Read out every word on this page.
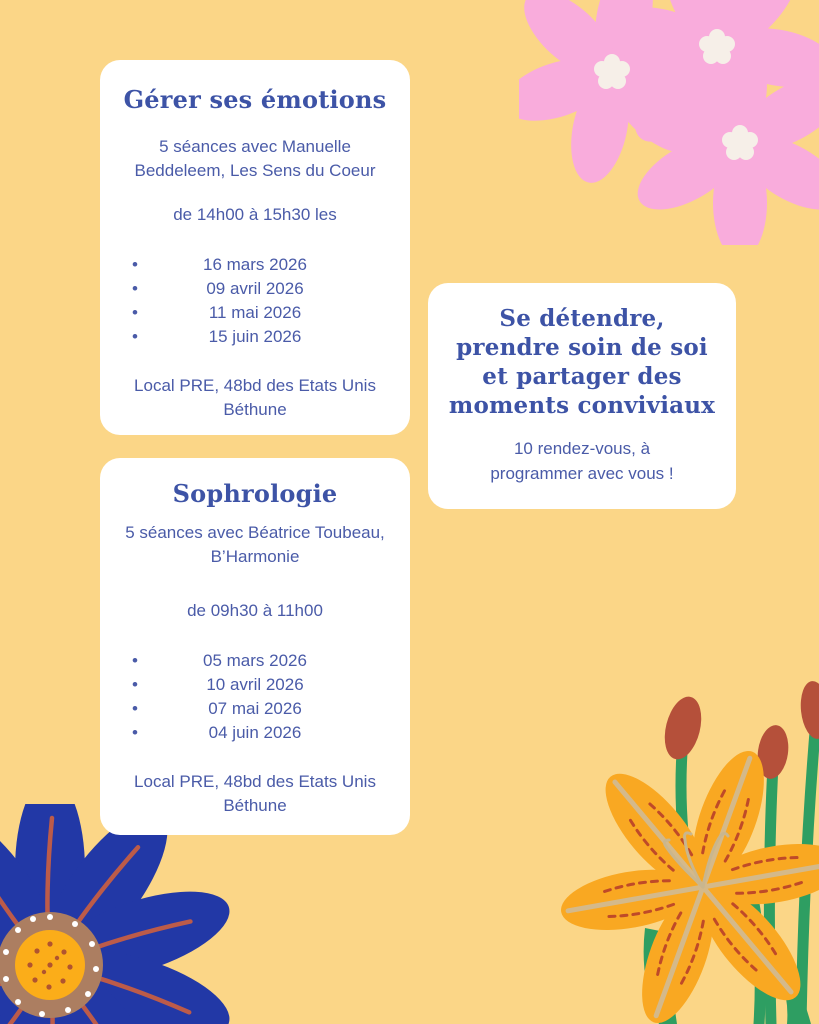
Gérer ses émotions

5 séances avec Manuelle Beddeleem, Les Sens du Coeur

de 14h00 à 15h30 les

• 16 mars 2026
• 09 avril 2026
• 11 mai 2026
• 15 juin 2026

Local PRE, 48bd des Etats Unis Béthune

Se détendre, prendre soin de soi et partager des moments conviviaux

10 rendez-vous, à programmer avec vous !

Sophrologie

5 séances avec Béatrice Toubeau, B’Harmonie

de 09h30 à 11h00

• 05 mars 2026
• 10 avril 2026
• 07 mai 2026
• 04 juin 2026

Local PRE, 48bd des Etats Unis Béthune
